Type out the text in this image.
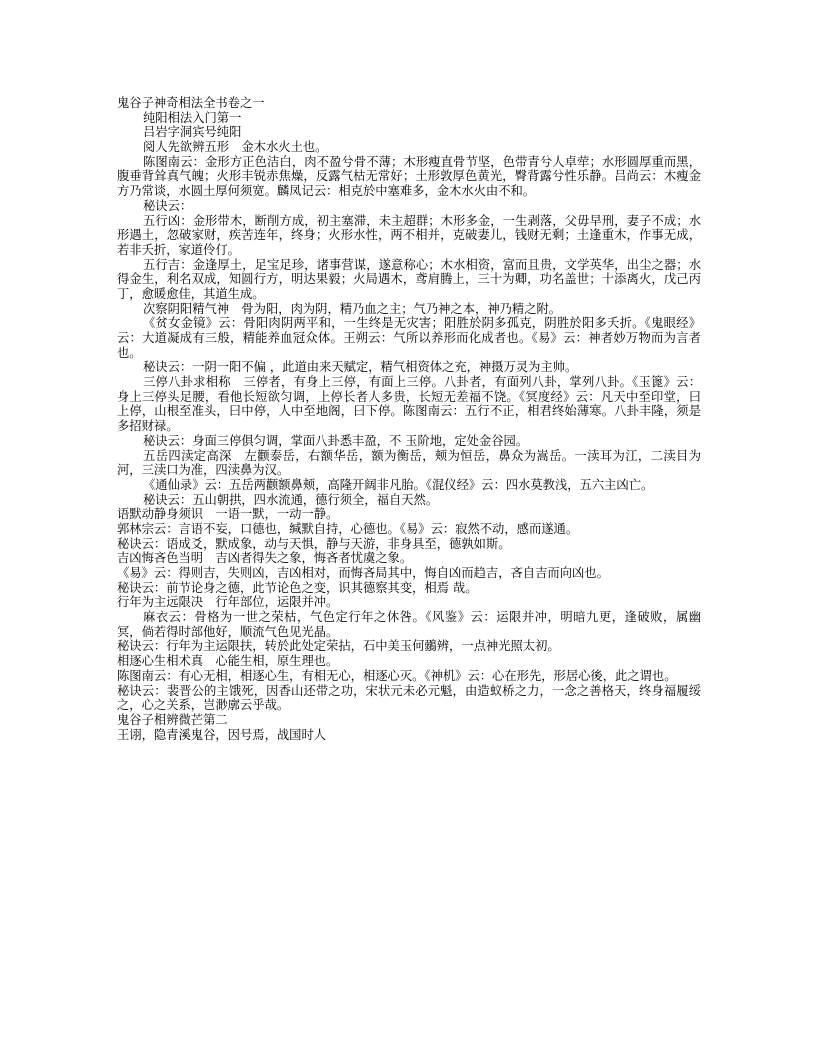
鬼谷子神奇相法全书卷之一

纯阳相法入门第一

吕岩字洞宾号纯阳

阅人先欲辨五形　金木水火土也。

陈图南云：金形方正色洁白，肉不盈兮骨不薄；木形瘦直骨节坚，色带青兮人卓荦；水形圆厚重而黑，腹垂背耸真气魄；火形丰锐赤焦燥，反露气枯无常好；土形敦厚色黄光，臀背露兮性乐静。吕尚云：木瘦金方乃常谈，水圆土厚何须宽。麟凤记云：相克於中塞难多，金木水火由不和。

秘诀云：

五行凶：金形带木，断削方成，初主塞滞，未主超群；木形多金，一生剥落，父毋早刑，妻子不成；水形遇土，忽破家财，疾苦连年，终身；火形水性，两不相并，克破妻儿，钱财无剩；土逢重木，作事无成，若非夭折，家道伶仃。

五行吉：金逢厚土，足宝足珍，诸事营谋，遂意称心；木水相资，富而且贵，文学英华，出尘之器；水得金生，利名双成，知圆行方，明达果毅；火局遇木，鸢肩腾上，三十为卿，功名盖世；十添离火，戊己丙丁，愈暖愈佳，其道生成。

次察阴阳精气神　骨为阳，肉为阴，精乃血之主；气乃神之本，神乃精之附。

《贫女金镜》云：骨阳肉阴两平和，一生终是无灾害；阳胜於阴多孤克，阴胜於阳多夭折。《鬼眼经》云：大道凝成有三般，精能养血冠众体。王朔云：气所以养形而化成者也。《易》云：神者妙万物而为言者也。

秘诀云：一阴一阳不偏 ，此道由来天赋定，精气相资体之充，神摄万灵为主帅。

三停八卦求相称　三停者，有身上三停，有面上三停。八卦者，有面列八卦，掌列八卦。《玉篦》云：身上三停头足腰，看他长短欲匀调，上停长者人多贵，长短无差福不饶。《冥度经》云：凡天中至印堂，曰上停，山根至准头，曰中停，人中至地阁，曰下停。陈图南云：五行不正，相君终始薄寒。八卦丰隆，须是多招财禄。

秘诀云：身面三停俱匀调，掌面八卦悉丰盈，不 玉阶地，定处金谷园。

五岳四渎定高深　左颧泰岳，右额华岳，额为衡岳，颊为恒岳，鼻众为嵩岳。一渎耳为江，二渎目为河，三渎口为准，四渎鼻为汉。

《通仙录》云：五岳两颧额鼻颊，高隆开阔非凡胎。《混仪经》云：四水莫教浅，五六主凶亡。

秘诀云：五山朝拱，四水流通，德行须全，福自天然。

语默动静身须识　一语一默，一动一静。

郭林宗云：言语不妄，口德也，缄默自持，心德也。《易》云：寂然不动，感而遂通。

秘诀云：语成爻，默成象，动与天惧，静与天游，非身具至，德孰如斯。

吉凶悔吝色当明　吉凶者得失之象，悔吝者忧虞之象。

《易》云：得则吉，失则凶，吉凶相对，而悔吝局其中，悔自凶而趋吉，吝自吉而向凶也。

秘诀云：前节论身之德，此节论色之变，识其德察其变，相焉 哉。

行年为主远限决　行年部位，运限并冲。

麻衣云：骨格为一世之荣枯，气色定行年之休咎。《风鉴》云：运限并冲，明暗九更，逢破败，属幽冥，倘若得时部他好，顺流气色见光晶。

秘诀云：行年为主运限扶，转於此处定荣拈，石中美玉何鶸辨，一点神光照太初。

相逐心生相术真　心能生相，原生理也。

陈图南云：有心无相，相逐心生，有相无心，相逐心灭。《神机》云：心在形先，形居心後，此之谓也。

秘诀云：裴晋公的主饿死，因香山还带之功，宋状元未必元魁，由造蚁桥之力，一念之善格天，终身福履绥之，心之关系，岂渺廓云乎哉。

鬼谷子相辨微芒第二

王诩，隐青溪鬼谷，因号焉，战国时人
